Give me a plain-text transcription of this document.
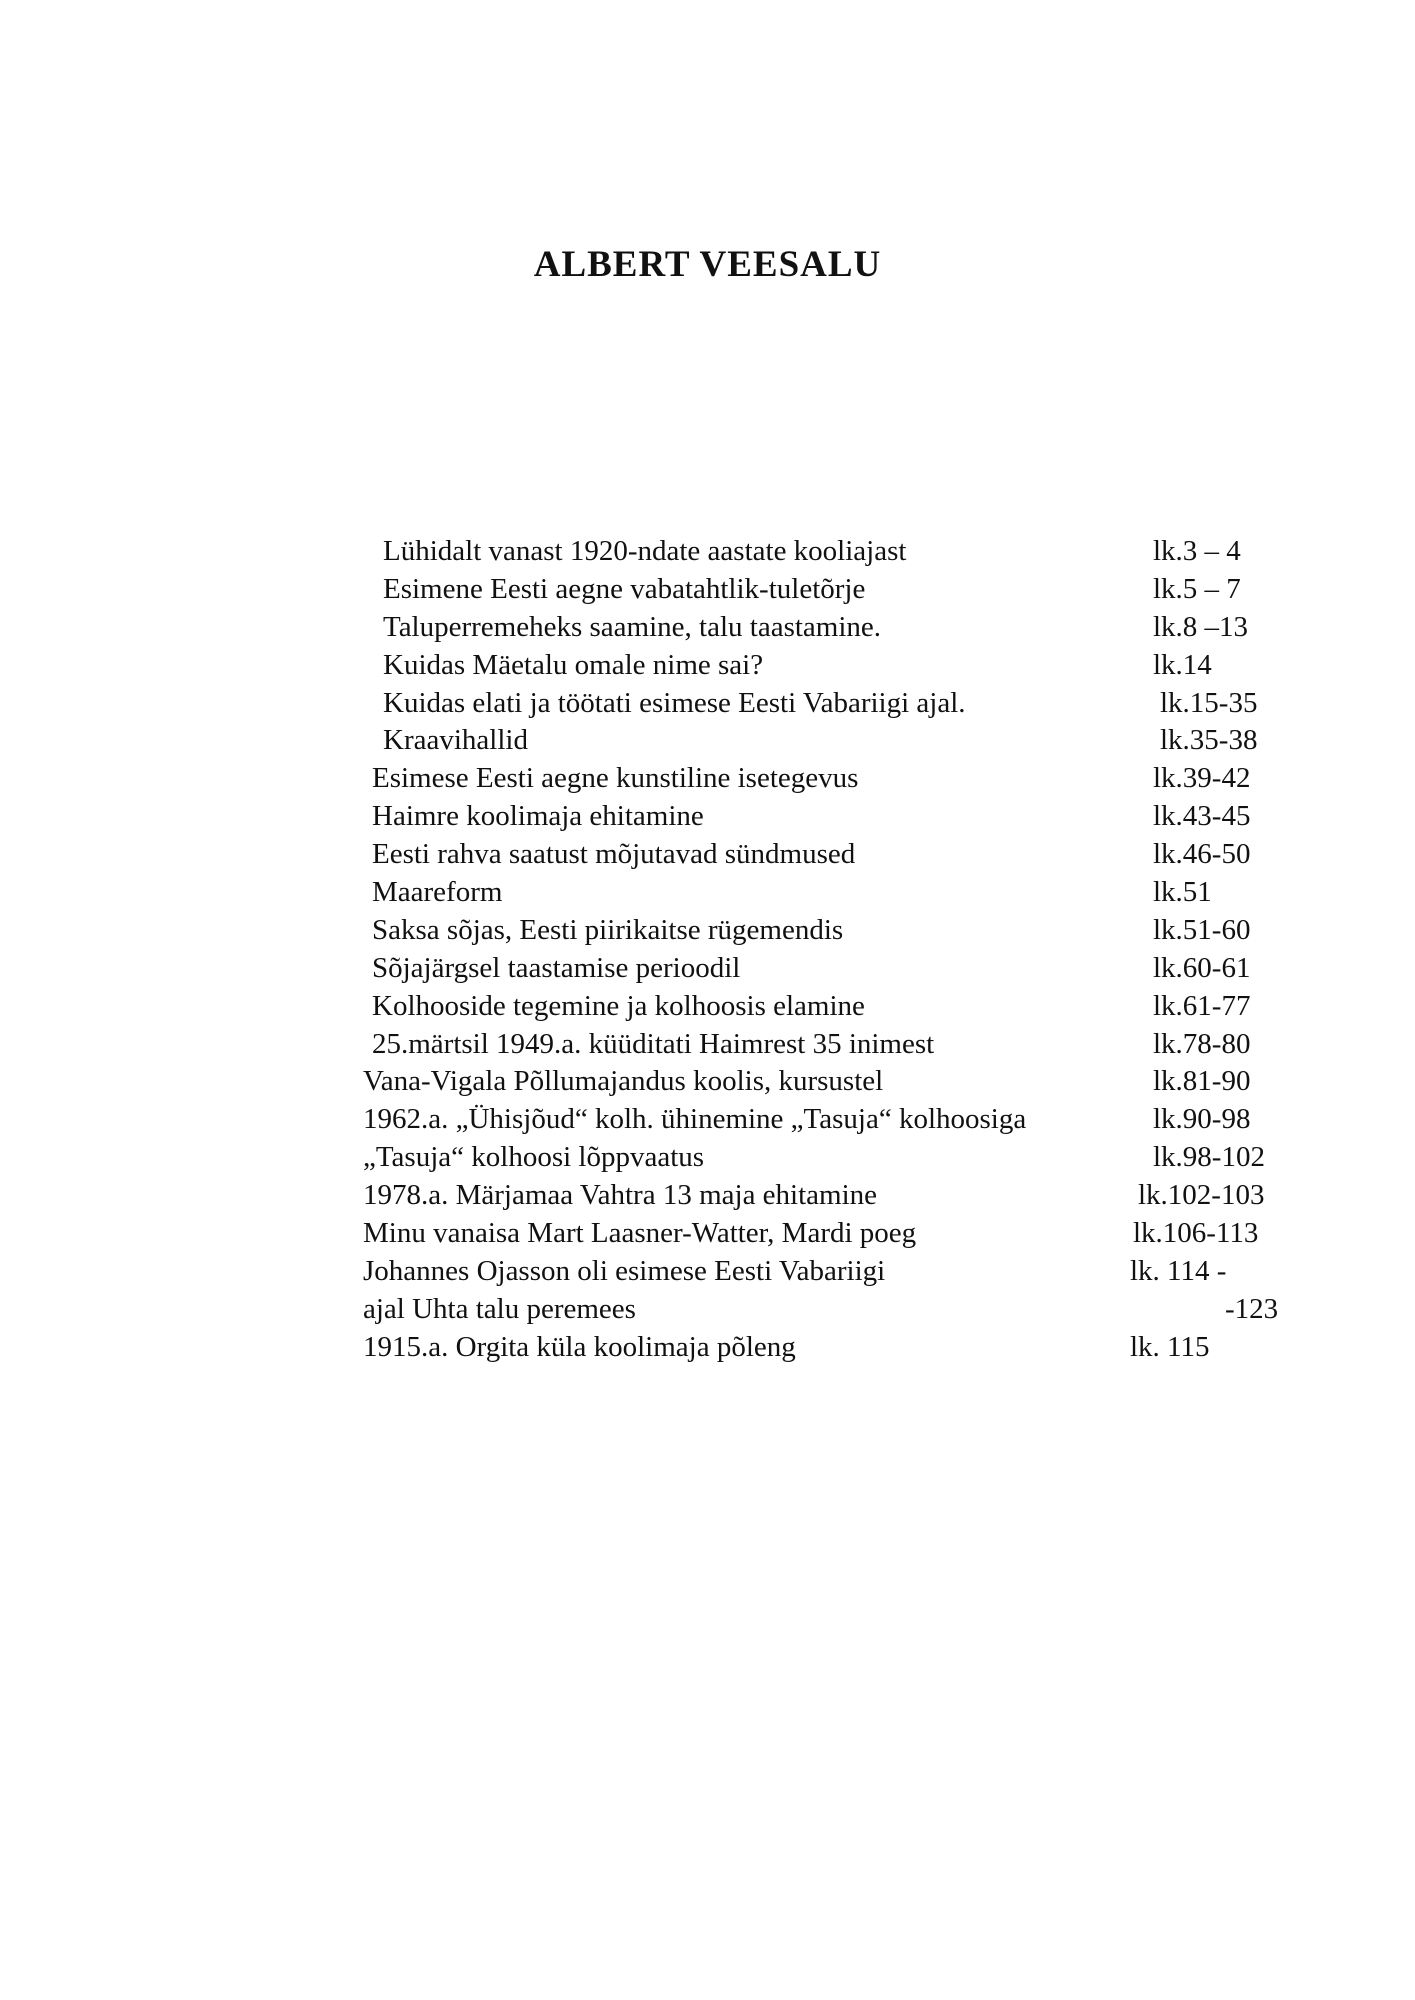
ALBERT VEESALU
Lühidalt vanast 1920-ndate aastate kooliajast	lk.3 – 4
Esimene Eesti aegne vabatahtlik-tuletõrje	lk.5 – 7
Taluperremeheks saamine, talu taastamine.	lk.8 –13
Kuidas Mäetalu omale nime sai?	lk.14
Kuidas elati ja töötati esimese Eesti Vabariigi ajal.	lk.15-35
Kraavihallid	lk.35-38
Esimese Eesti aegne kunstiline isetegevus	lk.39-42
Haimre koolimaja ehitamine	lk.43-45
Eesti rahva saatust mõjutavad sündmused	lk.46-50
Maareform	lk.51
Saksa sõjas, Eesti piirikaitse rügemendis	lk.51-60
Sõjajärgsel taastamise perioodil	lk.60-61
Kolhooside tegemine ja kolhoosis elamine	lk.61-77
25.märtsil 1949.a. küüditati Haimrest 35 inimest	lk.78-80
Vana-Vigala Põllumajandus koolis, kursustel	lk.81-90
1962.a. „Ühisjõud“ kolh. ühinemine „Tasuja“ kolhoosiga	lk.90-98
„Tasuja“ kolhoosi lõppvaatus	lk.98-102
1978.a. Märjamaa Vahtra 13 maja ehitamine	lk.102-103
Minu vanaisa Mart Laasner-Watter, Mardi poeg	lk.106-113
Johannes Ojasson oli esimese Eesti Vabariigi	lk. 114 -
ajal Uhta talu peremees	-123
1915.a. Orgita küla koolimaja põleng	lk. 115
